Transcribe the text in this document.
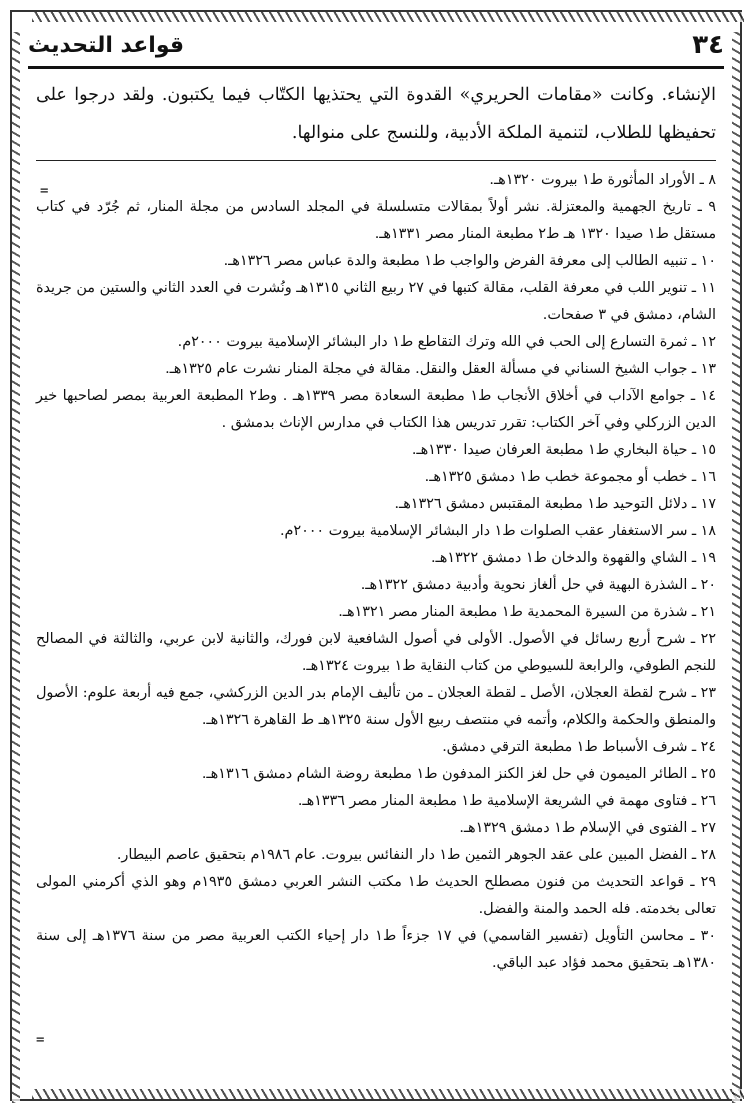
قواعد التحديث	٣٤
=
=

الإنشاء. وكانت «مقامات الحريري» القدوة التي يحتذيها الكتّاب فيما يكتبون. ولقد درجوا على تحفيظها للطلاب، لتنمية الملكة الأدبية، وللنسج على منوالها.

٨ ـ الأوراد المأثورة ط١ بيروت ١٣٢٠هـ.
٩ ـ تاريخ الجهمية والمعتزلة. نشر أولاً بمقالات متسلسلة في المجلد السادس من مجلة المنار، ثم جُرّد في كتاب مستقل ط١ صيدا ١٣٢٠ هـ ط٢ مطبعة المنار مصر ١٣٣١هـ.
١٠ ـ تنبيه الطالب إلى معرفة الفرض والواجب ط١ مطبعة والدة عباس مصر ١٣٢٦هـ.
١١ ـ تنوير اللب في معرفة القلب، مقالة كتبها في ٢٧ ربيع الثاني ١٣١٥هـ ونُشرت في العدد الثاني والستين من جريدة الشام، دمشق في ٣ صفحات.
١٢ ـ ثمرة التسارع إلى الحب في الله وترك التقاطع ط١ دار البشائر الإسلامية بيروت ٢٠٠٠م.
١٣ ـ جواب الشيخ السناني في مسألة العقل والنقل. مقالة في مجلة المنار نشرت عام ١٣٢٥هـ.
١٤ ـ جوامع الآداب في أخلاق الأنجاب ط١ مطبعة السعادة مصر ١٣٣٩هـ . وط٢ المطبعة العربية بمصر لصاحبها خير الدين الزركلي وفي آخر الكتاب: تقرر تدريس هذا الكتاب في مدارس الإناث بدمشق .
١٥ ـ حياة البخاري ط١ مطبعة العرفان صيدا ١٣٣٠هـ.
١٦ ـ خطب أو مجموعة خطب ط١ دمشق ١٣٢٥هـ.
١٧ ـ دلائل التوحيد ط١ مطبعة المقتبس دمشق ١٣٢٦هـ.
١٨ ـ سر الاستغفار عقب الصلوات ط١ دار البشائر الإسلامية بيروت ٢٠٠٠م.
١٩ ـ الشاي والقهوة والدخان ط١ دمشق ١٣٢٢هـ.
٢٠ ـ الشذرة البهية في حل ألغاز نحوية وأدبية دمشق ١٣٢٢هـ.
٢١ ـ شذرة من السيرة المحمدية ط١ مطبعة المنار مصر ١٣٢١هـ.
٢٢ ـ شرح أربع رسائل في الأصول. الأولى في أصول الشافعية لابن فورك، والثانية لابن عربي، والثالثة في المصالح للنجم الطوفي، والرابعة للسيوطي من كتاب النقاية ط١ بيروت ١٣٢٤هـ.
٢٣ ـ شرح لقطة العجلان، الأصل ـ لقطة العجلان ـ من تأليف الإمام بدر الدين الزركشي، جمع فيه أربعة علوم: الأصول والمنطق والحكمة والكلام، وأتمه في منتصف ربيع الأول سنة ١٣٢٥هـ ط القاهرة ١٣٢٦هـ.
٢٤ ـ شرف الأسباط ط١ مطبعة الترقي دمشق.
٢٥ ـ الطائر الميمون في حل لغز الكنز المدفون ط١ مطبعة روضة الشام دمشق ١٣١٦هـ.
٢٦ ـ فتاوى مهمة في الشريعة الإسلامية ط١ مطبعة المنار مصر ١٣٣٦هـ.
٢٧ ـ الفتوى في الإسلام ط١ دمشق ١٣٢٩هـ.
٢٨ ـ الفضل المبين على عقد الجوهر الثمين ط١ دار النفائس بيروت. عام ١٩٨٦م بتحقيق عاصم البيطار.
٢٩ ـ قواعد التحديث من فنون مصطلح الحديث ط١ مكتب النشر العربي دمشق ١٩٣٥م وهو الذي أكرمني المولى تعالى بخدمته. فله الحمد والمنة والفضل.
٣٠ ـ محاسن التأويل (تفسير القاسمي) في ١٧ جزءاً ط١ دار إحياء الكتب العربية مصر من سنة ١٣٧٦هـ إلى سنة ١٣٨٠هـ بتحقيق محمد فؤاد عبد الباقي.
